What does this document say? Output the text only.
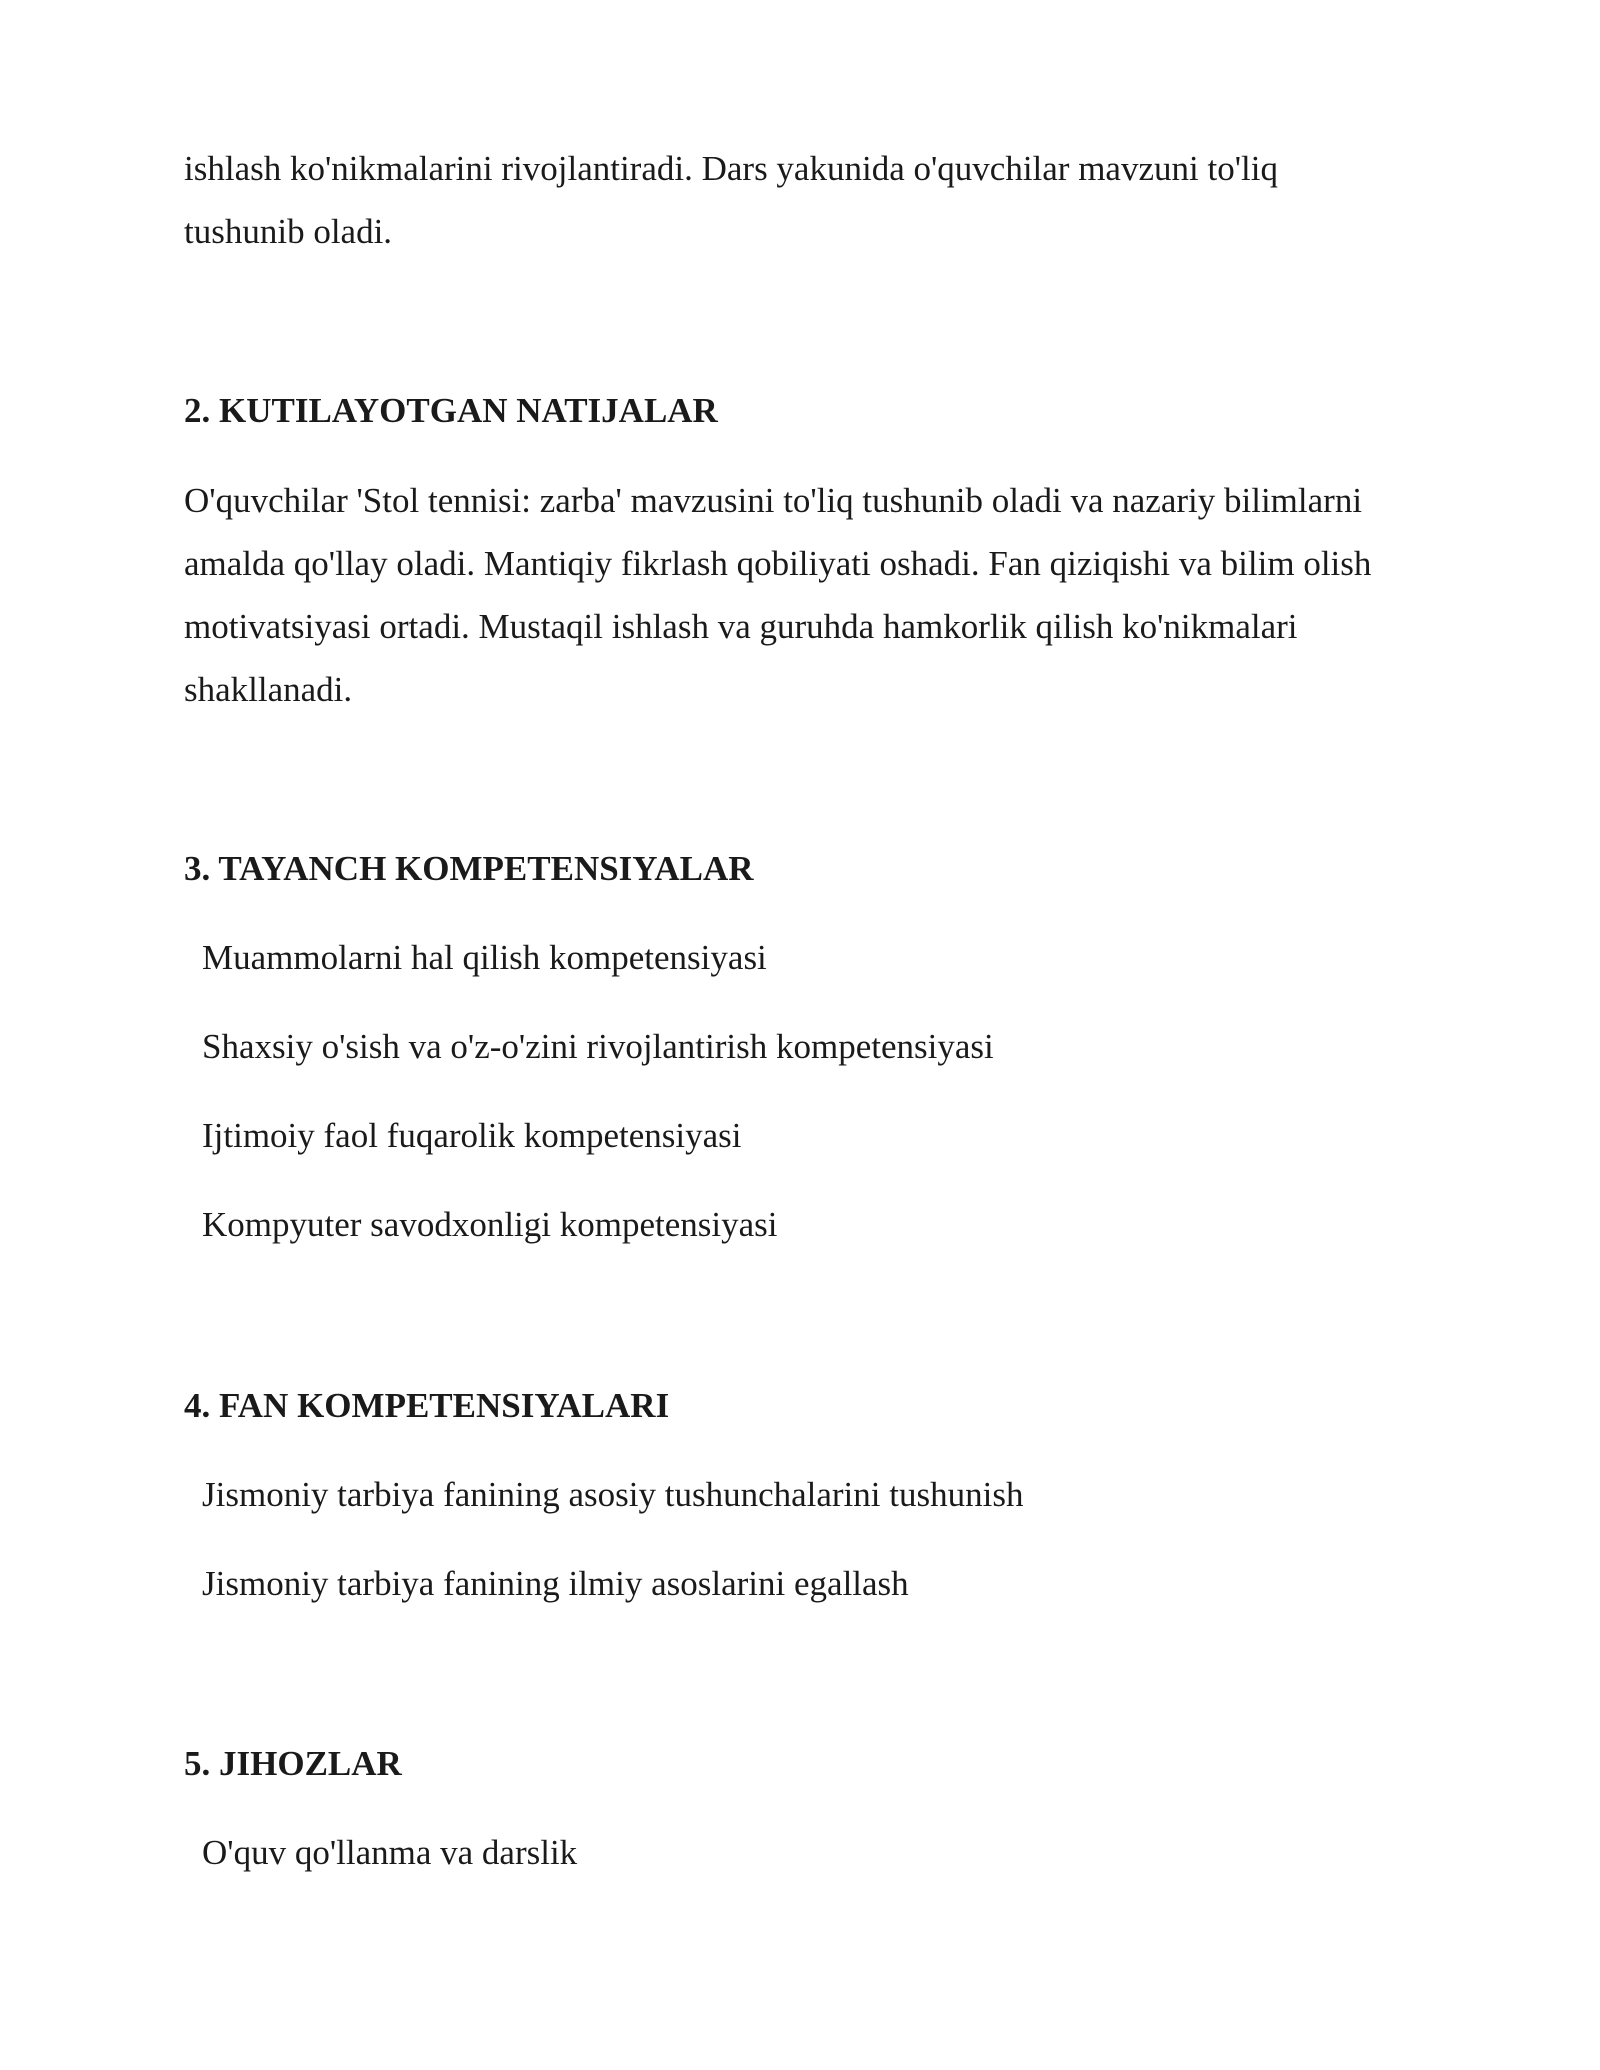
ishlash ko'nikmalarini rivojlantiradi. Dars yakunida o'quvchilar mavzuni to'liq tushunib oladi.

2. KUTILAYOTGAN NATIJALAR

O'quvchilar 'Stol tennisi: zarba' mavzusini to'liq tushunib oladi va nazariy bilimlarni amalda qo'llay oladi. Mantiqiy fikrlash qobiliyati oshadi. Fan qiziqishi va bilim olish motivatsiyasi ortadi. Mustaqil ishlash va guruhda hamkorlik qilish ko'nikmalari shakllanadi.

3. TAYANCH KOMPETENSIYALAR
Muammolarni hal qilish kompetensiyasi
Shaxsiy o'sish va o'z-o'zini rivojlantirish kompetensiyasi
Ijtimoiy faol fuqarolik kompetensiyasi
Kompyuter savodxonligi kompetensiyasi
4. FAN KOMPETENSIYALARI
Jismoniy tarbiya fanining asosiy tushunchalarini tushunish
Jismoniy tarbiya fanining ilmiy asoslarini egallash
5. JIHOZLAR
O'quv qo'llanma va darslik
